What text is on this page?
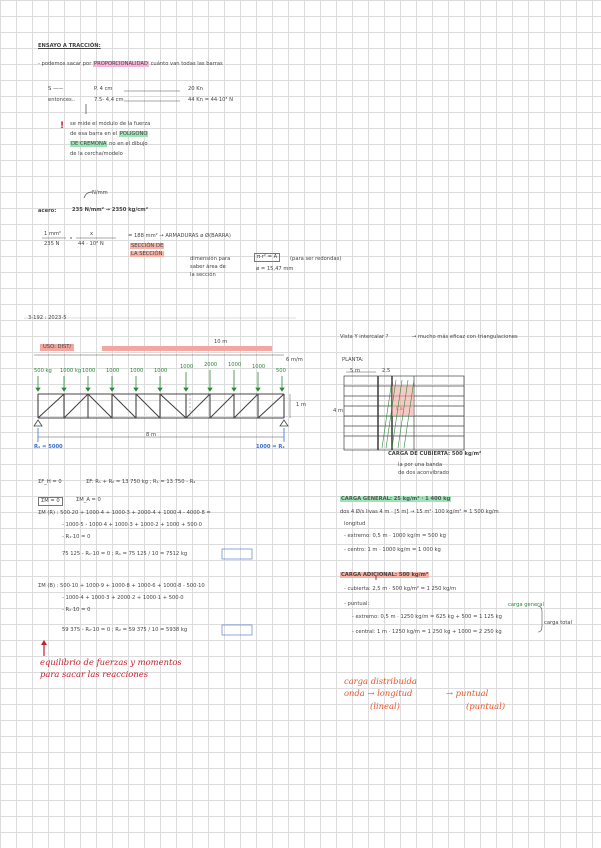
ENSAYO A TRACCIÓN:
- podemos sacar por PROPORCIONALIDAD cuánto van todas las barras
S ——	P. 4 cm	20 Kn
entonces..	7.5- 4,4 cm	44 Kn = 44·10³ N
se mide el módulo de la fuerza
de esa barra en el POLIGONO
DE CREMONA no en el dibujo
de la cercha/modelo
N/mm
acero:	235 N/mm² → 2350 kg/cm²
1 mm²
235 N
x
44 · 10³ N
= 188 mm² → ARMADURAS ø Ø(BARRA)
SECCIÓN DE
LA SECCIÓN
dimensión para
saber área de
la sección
π·r² = A
ø = 15,47 mm
(para ser redondas)
3-192 : 2023-5
USO: DIST/
10 m
6 m/m
1 m
8 m
500 kg 1000 kg 1000 1000 1000 1000
1000 2000 1000 1000
500
R₁ = 5000	1000 = R₂
ΣF_H = 0	ΣF: R₁ + R₂ = 13 750 kg ; R₁ = 13 750 - R₂
ΣM = 0	ΣM_A = 0
ΣM (R) : 500·20 + 1000·4 + 1000·3 + 2000·4 + 1000·4 - 4000·8 =
- 1000·5 - 1000·4 + 1000·3 + 1000·2 + 1000 + 500·0
- R₁·10 = 0
75 125 - R₁·10 = 0 ; R₁ = 75 125 / 10 = 7512 kg
ΣM (B) : 500·10 + 1000·9 + 1000·8 + 1000·6 + 1000·8 - 500·10
- 1000·4 + 1000·3 + 2000·2 + 1000·1 + 500·0
- R₂·10 = 0
59 375 - R₂·10 = 0 ; R₂ = 59 375 / 10 = 5938 kg
equilibrio de fuerzas y momentos
para sacar las reacciones
Vista Y intercalar ?	→ mucho más eficaz con triangulaciones
PLANTA:
5 m	2,5
4 m
CARGA DE CUBIERTA: 500 kg/m²
la por una banda
de dos aconvibrado
CARGA GENERAL: 25 kg/m² · 1 400 kg
dos 4 Ø/s livas 4 m · [5 m] → 15 m²· 100 kg/m² = 1 500 kg/m
longitud
- extremo: 0,5 m · 1000 kg/m = 500 kg
- centro: 1 m · 1000 kg/m = 1 000 kg
CARGA ADICIONAL: 500 kg/m²
- cubierta: 2,5 m · 500 kg/m² = 1 250 kg/m
- puntual:
- extremo: 0,5 m · 1250 kg/m = 625 kg + 500 = 1 125 kg
- central: 1 m · 1250 kg/m = 1 250 kg + 1000 = 2 250 kg
carga total
carga general
carga distribuida
onda → longitud	→ puntual
(lineal)	(puntual)
!
